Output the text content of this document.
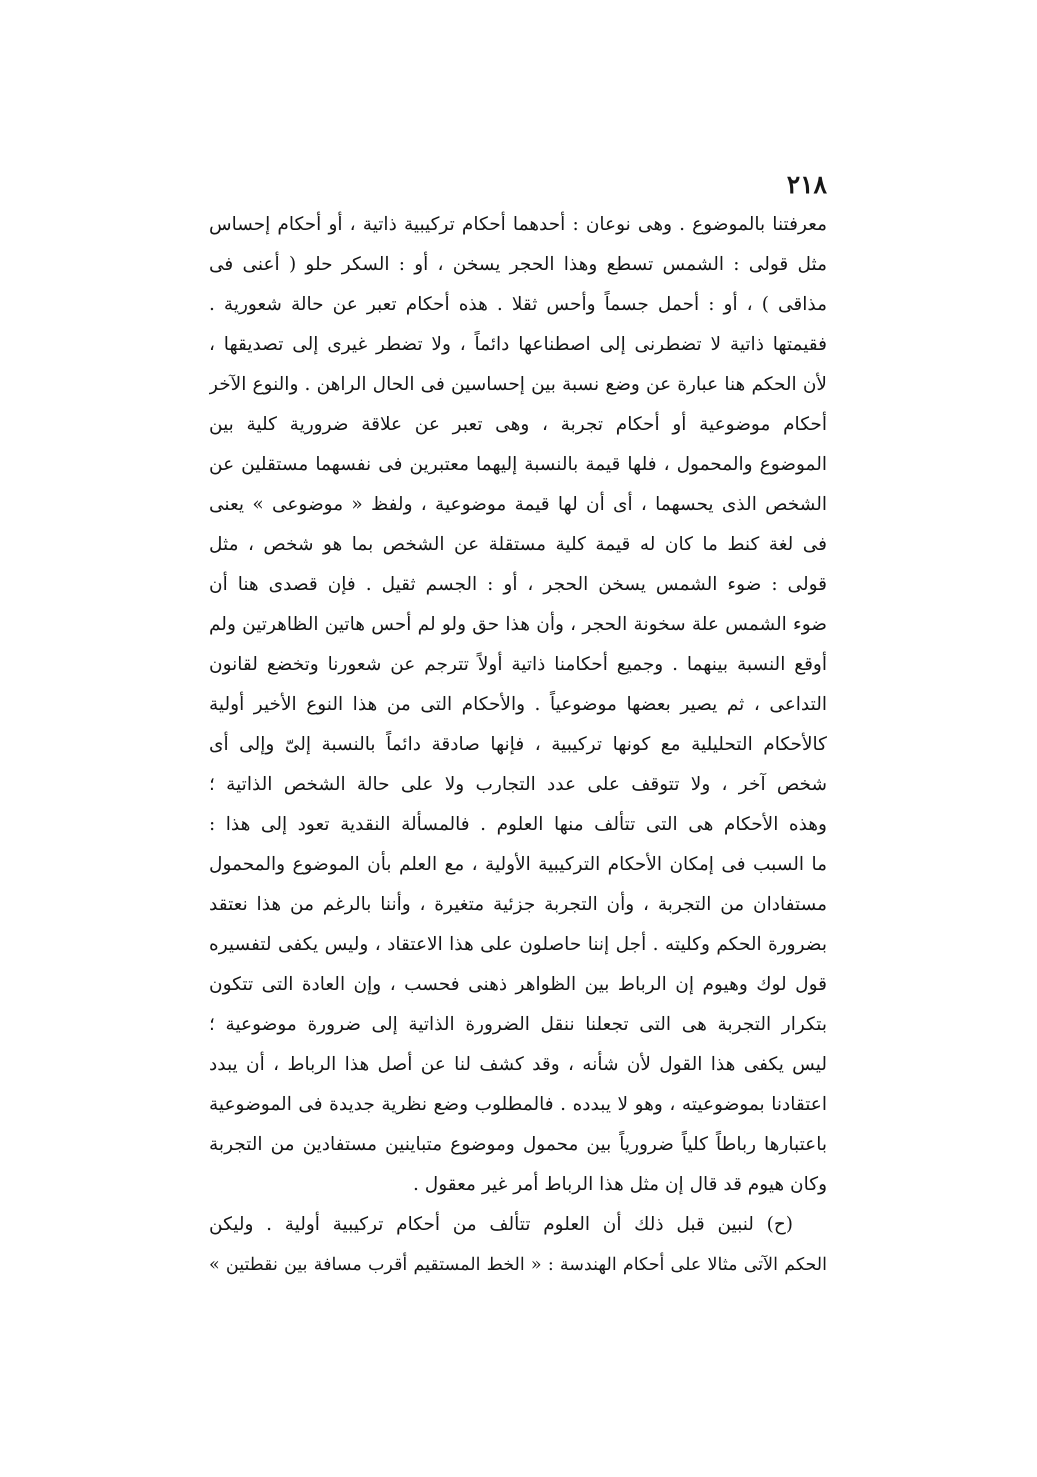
٢١٨
معرفتنا بالموضوع . وهى نوعان : أحدهما أحكام تركيبية ذاتية ، أو أحكام إحساس
مثل قولى : الشمس تسطع وهذا الحجر يسخن ، أو : السكر حلو ( أعنى فى
مذاقى ) ، أو : أحمل جسماً وأحس ثقلا . هذه أحكام تعبر عن حالة شعورية .
فقيمتها ذاتية لا تضطرنى إلى اصطناعها دائماً ، ولا تضطر غيرى إلى تصديقها ،
لأن الحكم هنا عبارة عن وضع نسبة بين إحساسين فى الحال الراهن . والنوع الآخر
أحكام موضوعية أو أحكام تجربة ، وهى تعبر عن علاقة ضرورية كلية بين
الموضوع والمحمول ، فلها قيمة بالنسبة إليهما معتبرين فى نفسهما مستقلين عن
الشخص الذى يحسهما ، أى أن لها قيمة موضوعية ، ولفظ « موضوعى » يعنى
فى لغة كنط ما كان له قيمة كلية مستقلة عن الشخص بما هو شخص ، مثل
قولى : ضوء الشمس يسخن الحجر ، أو : الجسم ثقيل . فإن قصدى هنا أن
ضوء الشمس علة سخونة الحجر ، وأن هذا حق ولو لم أحس هاتين الظاهرتين ولم
أوقع النسبة بينهما . وجميع أحكامنا ذاتية أولاً تترجم عن شعورنا وتخضع لقانون
التداعى ، ثم يصير بعضها موضوعياً . والأحكام التى من هذا النوع الأخير أولية
كالأحكام التحليلية مع كونها تركيبية ، فإنها صادقة دائماً بالنسبة إلىّ وإلى أى
شخص آخر ، ولا تتوقف على عدد التجارب ولا على حالة الشخص الذاتية ؛
وهذه الأحكام هى التى تتألف منها العلوم . فالمسألة النقدية تعود إلى هذا :
ما السبب فى إمكان الأحكام التركيبية الأولية ، مع العلم بأن الموضوع والمحمول
مستفادان من التجربة ، وأن التجربة جزئية متغيرة ، وأننا بالرغم من هذا نعتقد
بضرورة الحكم وكليته . أجل إننا حاصلون على هذا الاعتقاد ، وليس يكفى لتفسيره
قول لوك وهيوم إن الرباط بين الظواهر ذهنى فحسب ، وإن العادة التى تتكون
بتكرار التجربة هى التى تجعلنا ننقل الضرورة الذاتية إلى ضرورة موضوعية ؛
ليس يكفى هذا القول لأن شأنه ، وقد كشف لنا عن أصل هذا الرباط ، أن يبدد
اعتقادنا بموضوعيته ، وهو لا يبدده . فالمطلوب وضع نظرية جديدة فى الموضوعية
باعتبارها رباطاً كلياً ضرورياً بين محمول وموضوع متباينين مستفادين من التجربة
وكان هيوم قد قال إن مثل هذا الرباط أمر غير معقول .
(ح) لنبين قبل ذلك أن العلوم تتألف من أحكام تركيبية أولية . وليكن
الحكم الآتى مثالا على أحكام الهندسة : « الخط المستقيم أقرب مسافة بين نقطتين »
